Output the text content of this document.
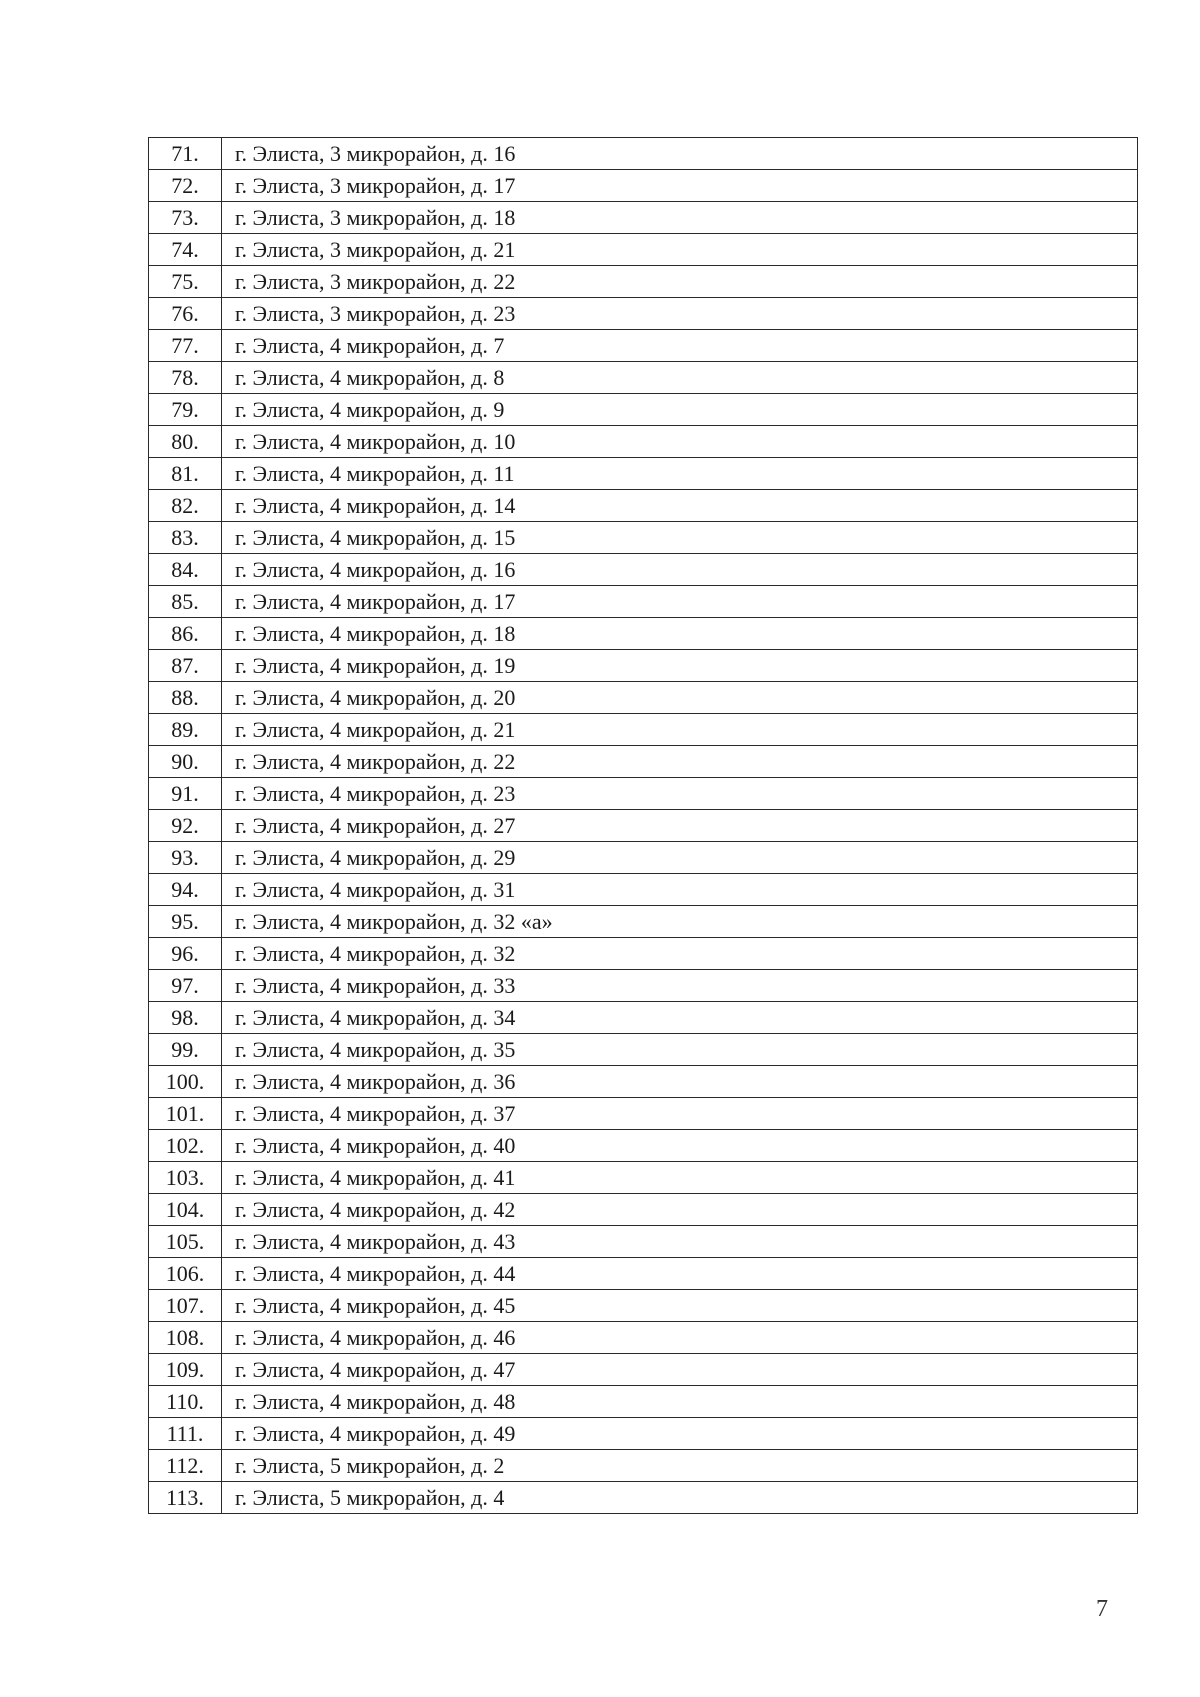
71.	г. Элиста, 3 микрорайон, д. 16
72.	г. Элиста, 3 микрорайон, д. 17
73.	г. Элиста, 3 микрорайон, д. 18
74.	г. Элиста, 3 микрорайон, д. 21
75.	г. Элиста, 3 микрорайон, д. 22
76.	г. Элиста, 3 микрорайон, д. 23
77.	г. Элиста, 4 микрорайон, д. 7
78.	г. Элиста, 4 микрорайон, д. 8
79.	г. Элиста, 4 микрорайон, д. 9
80.	г. Элиста, 4 микрорайон, д. 10
81.	г. Элиста, 4 микрорайон, д. 11
82.	г. Элиста, 4 микрорайон, д. 14
83.	г. Элиста, 4 микрорайон, д. 15
84.	г. Элиста, 4 микрорайон, д. 16
85.	г. Элиста, 4 микрорайон, д. 17
86.	г. Элиста, 4 микрорайон, д. 18
87.	г. Элиста, 4 микрорайон, д. 19
88.	г. Элиста, 4 микрорайон, д. 20
89.	г. Элиста, 4 микрорайон, д. 21
90.	г. Элиста, 4 микрорайон, д. 22
91.	г. Элиста, 4 микрорайон, д. 23
92.	г. Элиста, 4 микрорайон, д. 27
93.	г. Элиста, 4 микрорайон, д. 29
94.	г. Элиста, 4 микрорайон, д. 31
95.	г. Элиста, 4 микрорайон, д. 32 «а»
96.	г. Элиста, 4 микрорайон, д. 32
97.	г. Элиста, 4 микрорайон, д. 33
98.	г. Элиста, 4 микрорайон, д. 34
99.	г. Элиста, 4 микрорайон, д. 35
100.	г. Элиста, 4 микрорайон, д. 36
101.	г. Элиста, 4 микрорайон, д. 37
102.	г. Элиста, 4 микрорайон, д. 40
103.	г. Элиста, 4 микрорайон, д. 41
104.	г. Элиста, 4 микрорайон, д. 42
105.	г. Элиста, 4 микрорайон, д. 43
106.	г. Элиста, 4 микрорайон, д. 44
107.	г. Элиста, 4 микрорайон, д. 45
108.	г. Элиста, 4 микрорайон, д. 46
109.	г. Элиста, 4 микрорайон, д. 47
110.	г. Элиста, 4 микрорайон, д. 48
111.	г. Элиста, 4 микрорайон, д. 49
112.	г. Элиста, 5 микрорайон, д. 2
113.	г. Элиста, 5 микрорайон, д. 4
7
